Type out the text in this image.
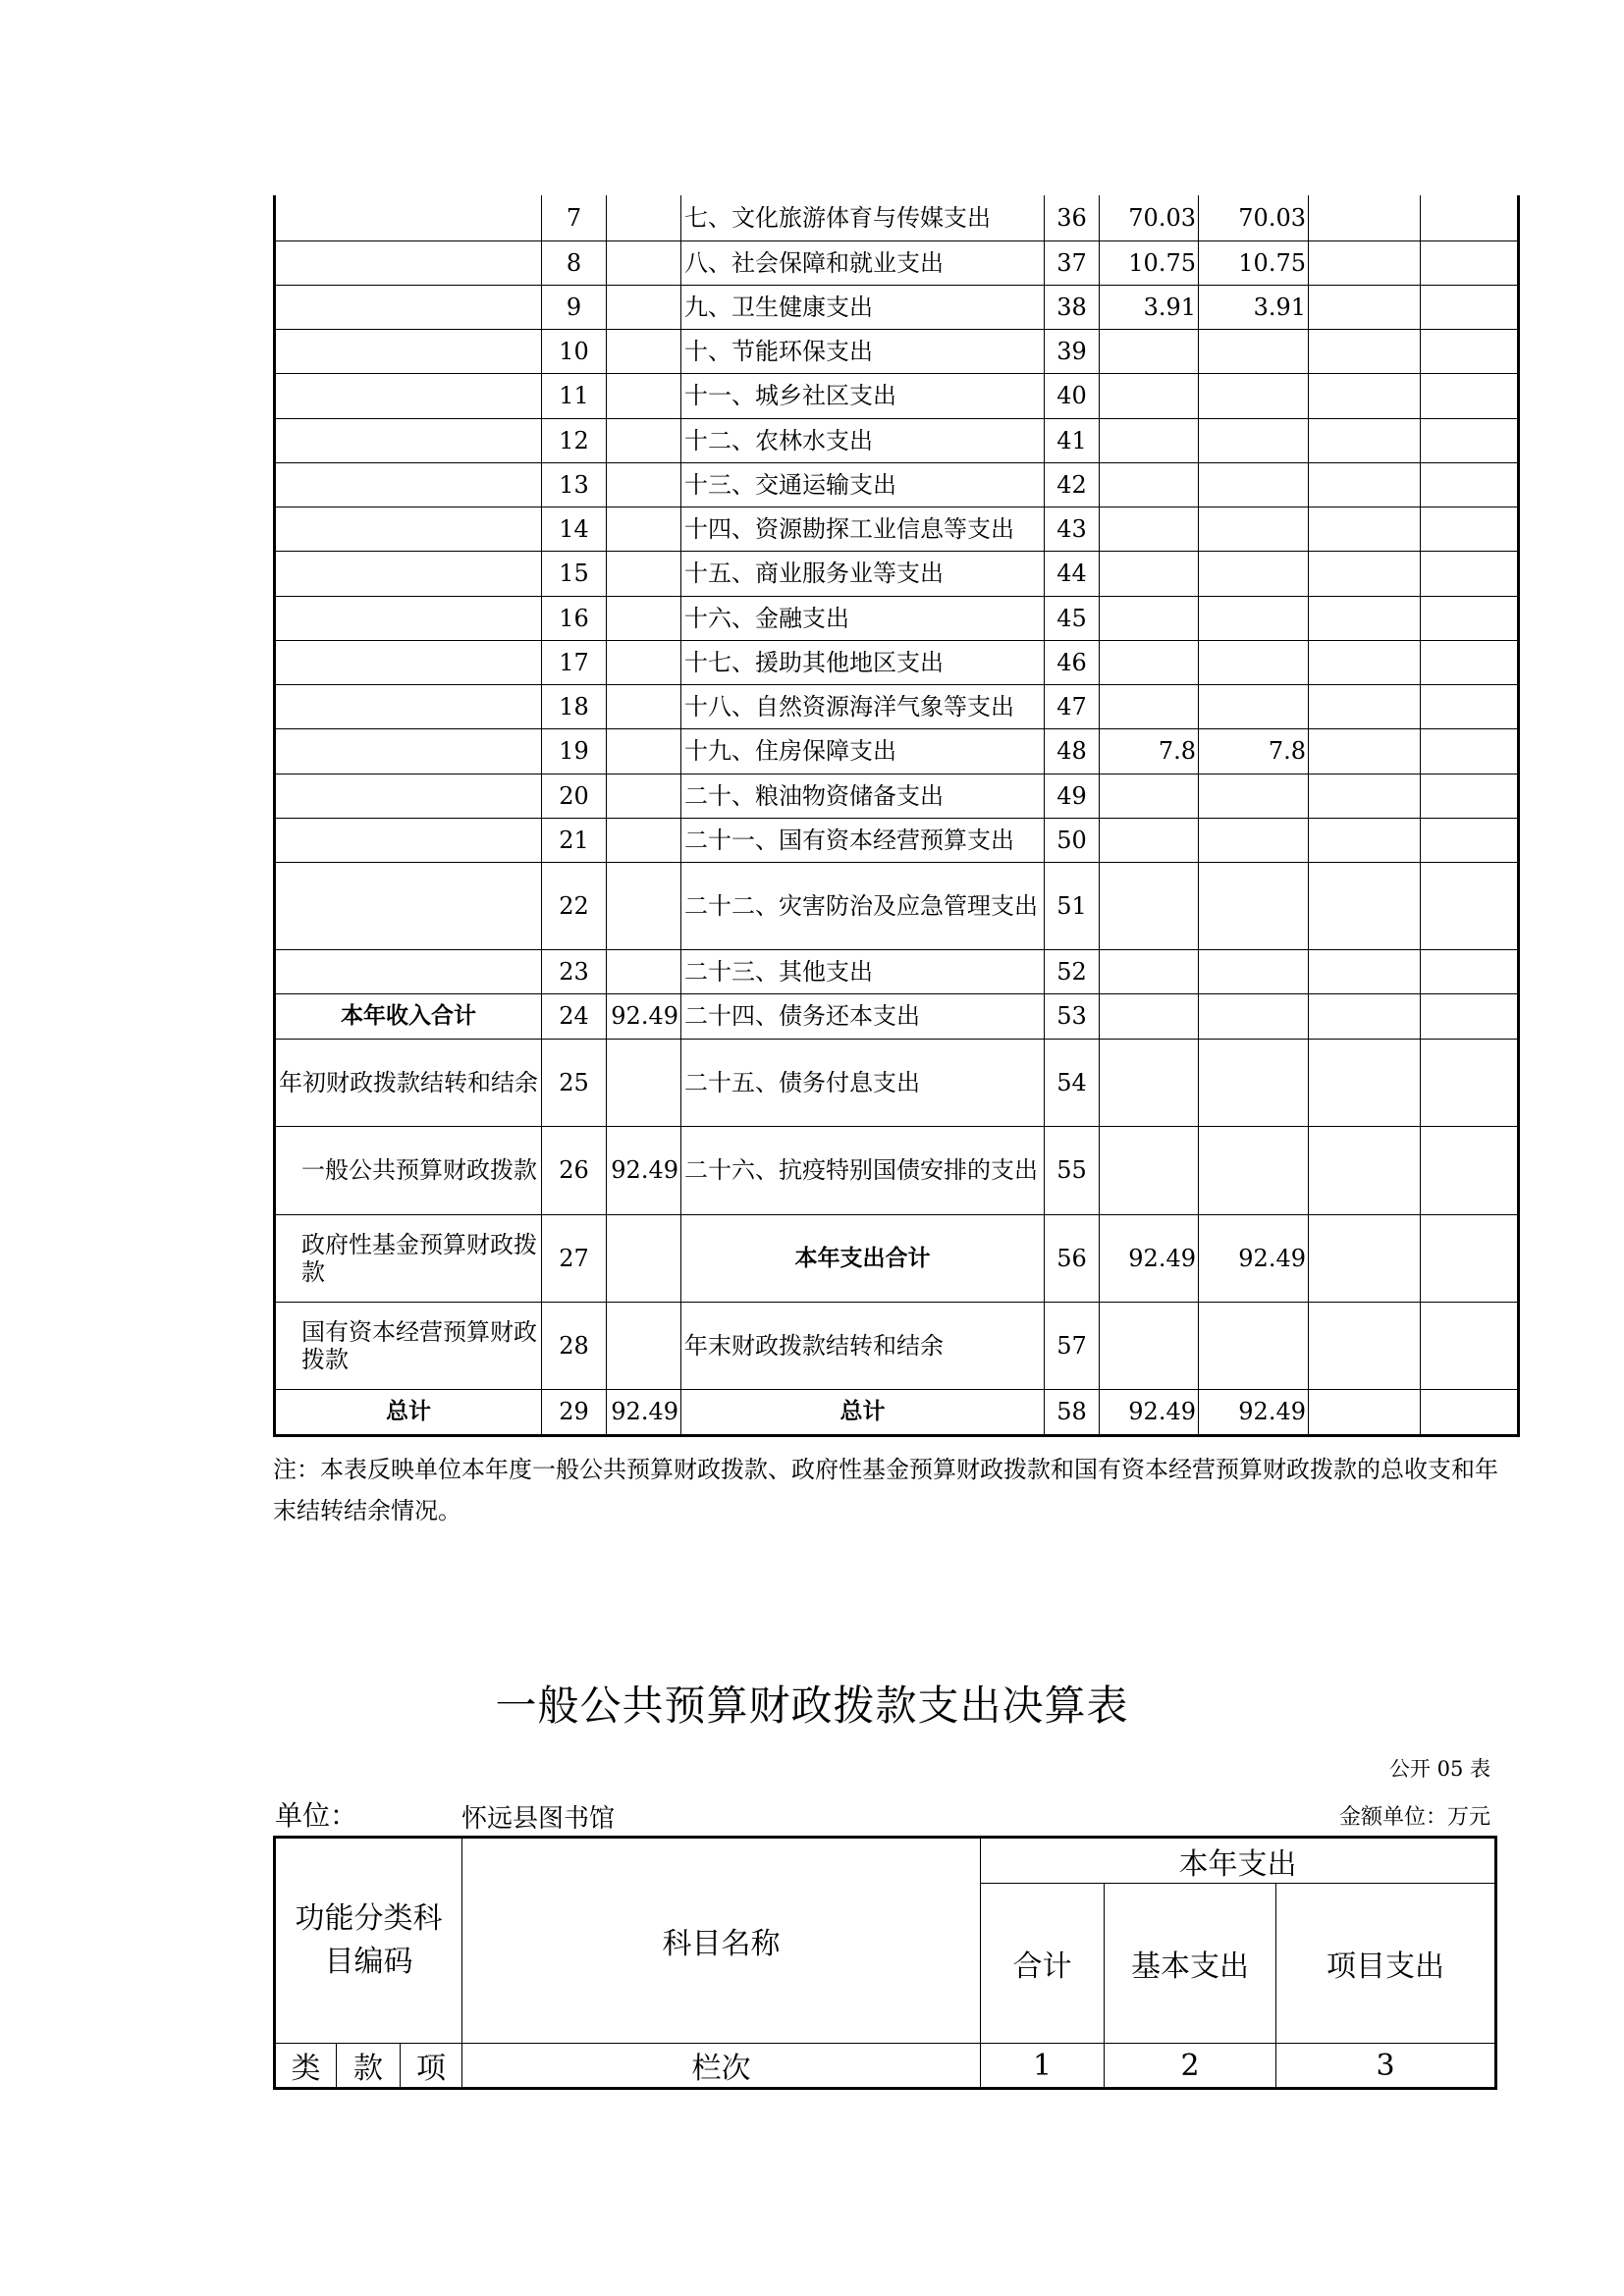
	7		七、文化旅游体育与传媒支出	36	70.03	70.03		
	8		八、社会保障和就业支出	37	10.75	10.75		
	9		九、卫生健康支出	38	3.91	3.91		
	10		十、节能环保支出	39				
	11		十一、城乡社区支出	40				
	12		十二、农林水支出	41				
	13		十三、交通运输支出	42				
	14		十四、资源勘探工业信息等支出	43				
	15		十五、商业服务业等支出	44				
	16		十六、金融支出	45				
	17		十七、援助其他地区支出	46				
	18		十八、自然资源海洋气象等支出	47				
	19		十九、住房保障支出	48	7.8	7.8		
	20		二十、粮油物资储备支出	49				
	21		二十一、国有资本经营预算支出	50				
	22		二十二、灾害防治及应急管理支出	51				
	23		二十三、其他支出	52				
本年收入合计	24	92.49	二十四、债务还本支出	53				
年初财政拨款结转和结余	25		二十五、债务付息支出	54				
一般公共预算财政拨款	26	92.49	二十六、抗疫特别国债安排的支出	55				
政府性基金预算财政拨款	27		本年支出合计	56	92.49	92.49		
国有资本经营预算财政拨款	28		年末财政拨款结转和结余	57				
总计	29	92.49	总计	58	92.49	92.49		
注：本表反映单位本年度一般公共预算财政拨款、政府性基金预算财政拨款和国有资本经营预算财政拨款的总收支和年末结转结余情况。
一般公共预算财政拨款支出决算表
公开 05 表
单位：	怀远县图书馆	金额单位：万元
功能分类科目编码			科目名称	本年支出		
				合计	基本支出	项目支出
类	款	项	栏次	1	2	3
